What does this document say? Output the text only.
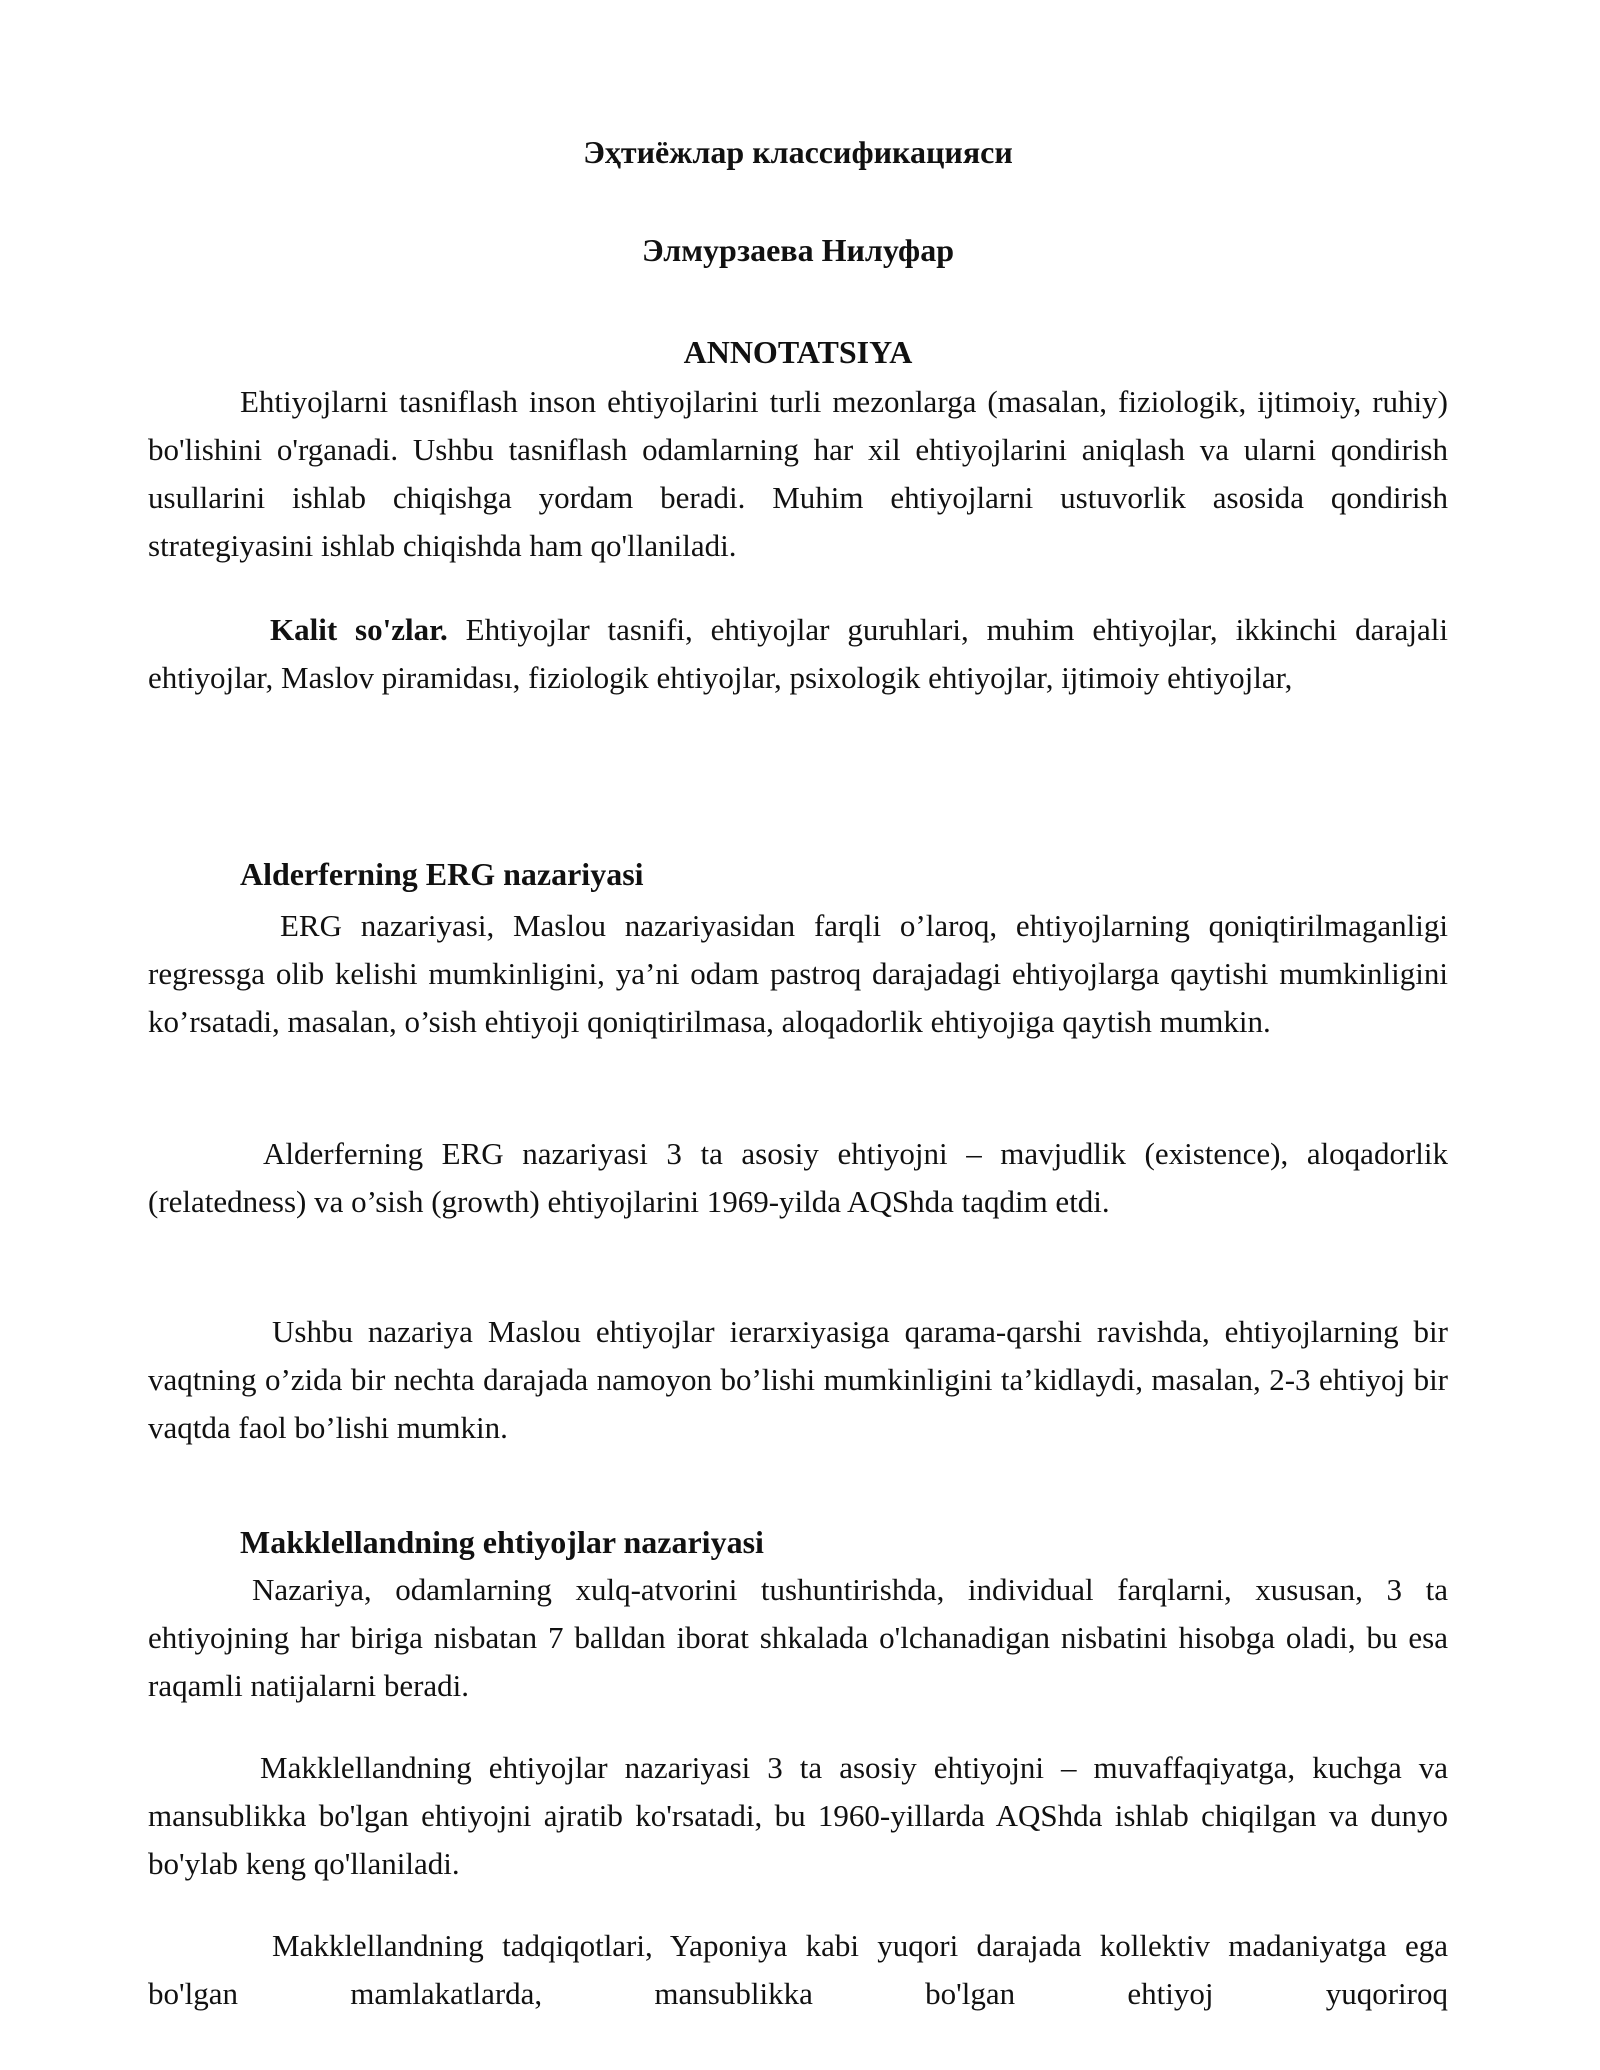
Эҳтиёжлар классификацияси
Элмурзаева Нилуфар
ANNOTATSIYA

Ehtiyojlarni tasniflash inson ehtiyojlarini turli mezonlarga (masalan, fiziologik, ijtimoiy, ruhiy) bo'lishini o'rganadi. Ushbu tasniflash odamlarning har xil ehtiyojlarini aniqlash va ularni qondirish usullarini ishlab chiqishga yordam beradi. Muhim ehtiyojlarni ustuvorlik asosida qondirish strategiyasini ishlab chiqishda ham qo'llaniladi.

Kalit so'zlar. Ehtiyojlar tasnifi, ehtiyojlar guruhlari, muhim ehtiyojlar, ikkinchi darajali ehtiyojlar, Maslov piramidası, fiziologik ehtiyojlar, psixologik ehtiyojlar, ijtimoiy ehtiyojlar,

Alderferning ERG nazariyasi

ERG nazariyasi, Maslou nazariyasidan farqli o’laroq, ehtiyojlarning qoniqtirilmaganligi regressga olib kelishi mumkinligini, ya’ni odam pastroq darajadagi ehtiyojlarga qaytishi mumkinligini ko’rsatadi, masalan, o’sish ehtiyoji qoniqtirilmasa, aloqadorlik ehtiyojiga qaytish mumkin.

Alderferning ERG nazariyasi 3 ta asosiy ehtiyojni – mavjudlik (existence), aloqadorlik (relatedness) va o’sish (growth) ehtiyojlarini 1969-yilda AQShda taqdim etdi.

Ushbu nazariya Maslou ehtiyojlar ierarxiyasiga qarama-qarshi ravishda, ehtiyojlarning bir vaqtning o’zida bir nechta darajada namoyon bo’lishi mumkinligini ta’kidlaydi, masalan, 2-3 ehtiyoj bir vaqtda faol bo’lishi mumkin.

Makklellandning ehtiyojlar nazariyasi

Nazariya, odamlarning xulq-atvorini tushuntirishda, individual farqlarni, xususan, 3 ta ehtiyojning har biriga nisbatan 7 balldan iborat shkalada o'lchanadigan nisbatini hisobga oladi, bu esa raqamli natijalarni beradi.

Makklellandning ehtiyojlar nazariyasi 3 ta asosiy ehtiyojni – muvaffaqiyatga, kuchga va mansublikka bo'lgan ehtiyojni ajratib ko'rsatadi, bu 1960-yillarda AQShda ishlab chiqilgan va dunyo bo'ylab keng qo'llaniladi.

Makklellandning tadqiqotlari, Yaponiya kabi yuqori darajada kollektiv madaniyatga ega bo'lgan mamlakatlarda, mansublikka bo'lgan ehtiyoj yuqoriroq
